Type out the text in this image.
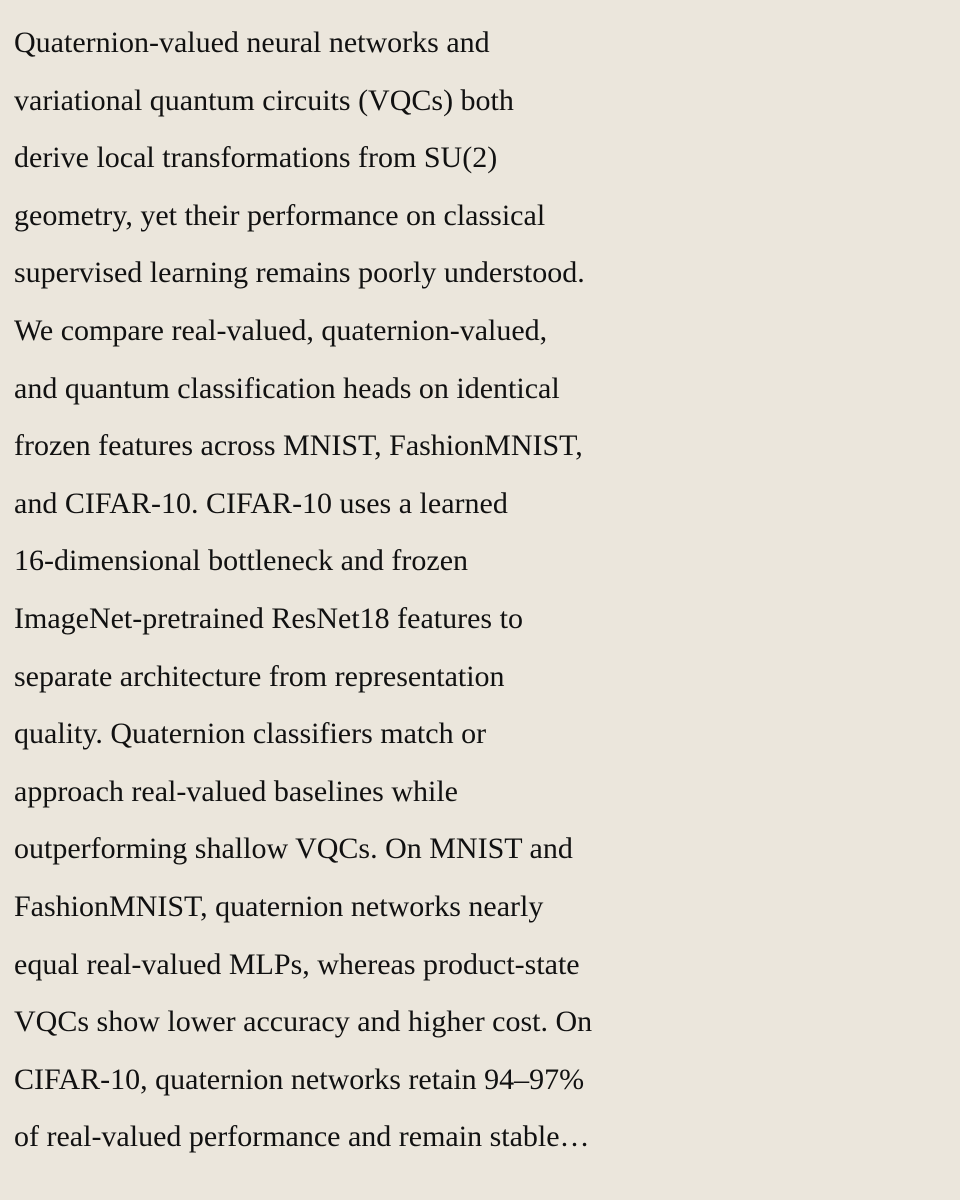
Quaternion-valued neural networks and
variational quantum circuits (VQCs) both
derive local transformations from SU(2)
geometry, yet their performance on classical
supervised learning remains poorly understood.
We compare real-valued, quaternion-valued,
and quantum classification heads on identical
frozen features across MNIST, FashionMNIST,
and CIFAR-10. CIFAR-10 uses a learned
16-dimensional bottleneck and frozen
ImageNet-pretrained ResNet18 features to
separate architecture from representation
quality. Quaternion classifiers match or
approach real-valued baselines while
outperforming shallow VQCs. On MNIST and
FashionMNIST, quaternion networks nearly
equal real-valued MLPs, whereas product-state
VQCs show lower accuracy and higher cost. On
CIFAR-10, quaternion networks retain 94–97%
of real-valued performance and remain stable…
